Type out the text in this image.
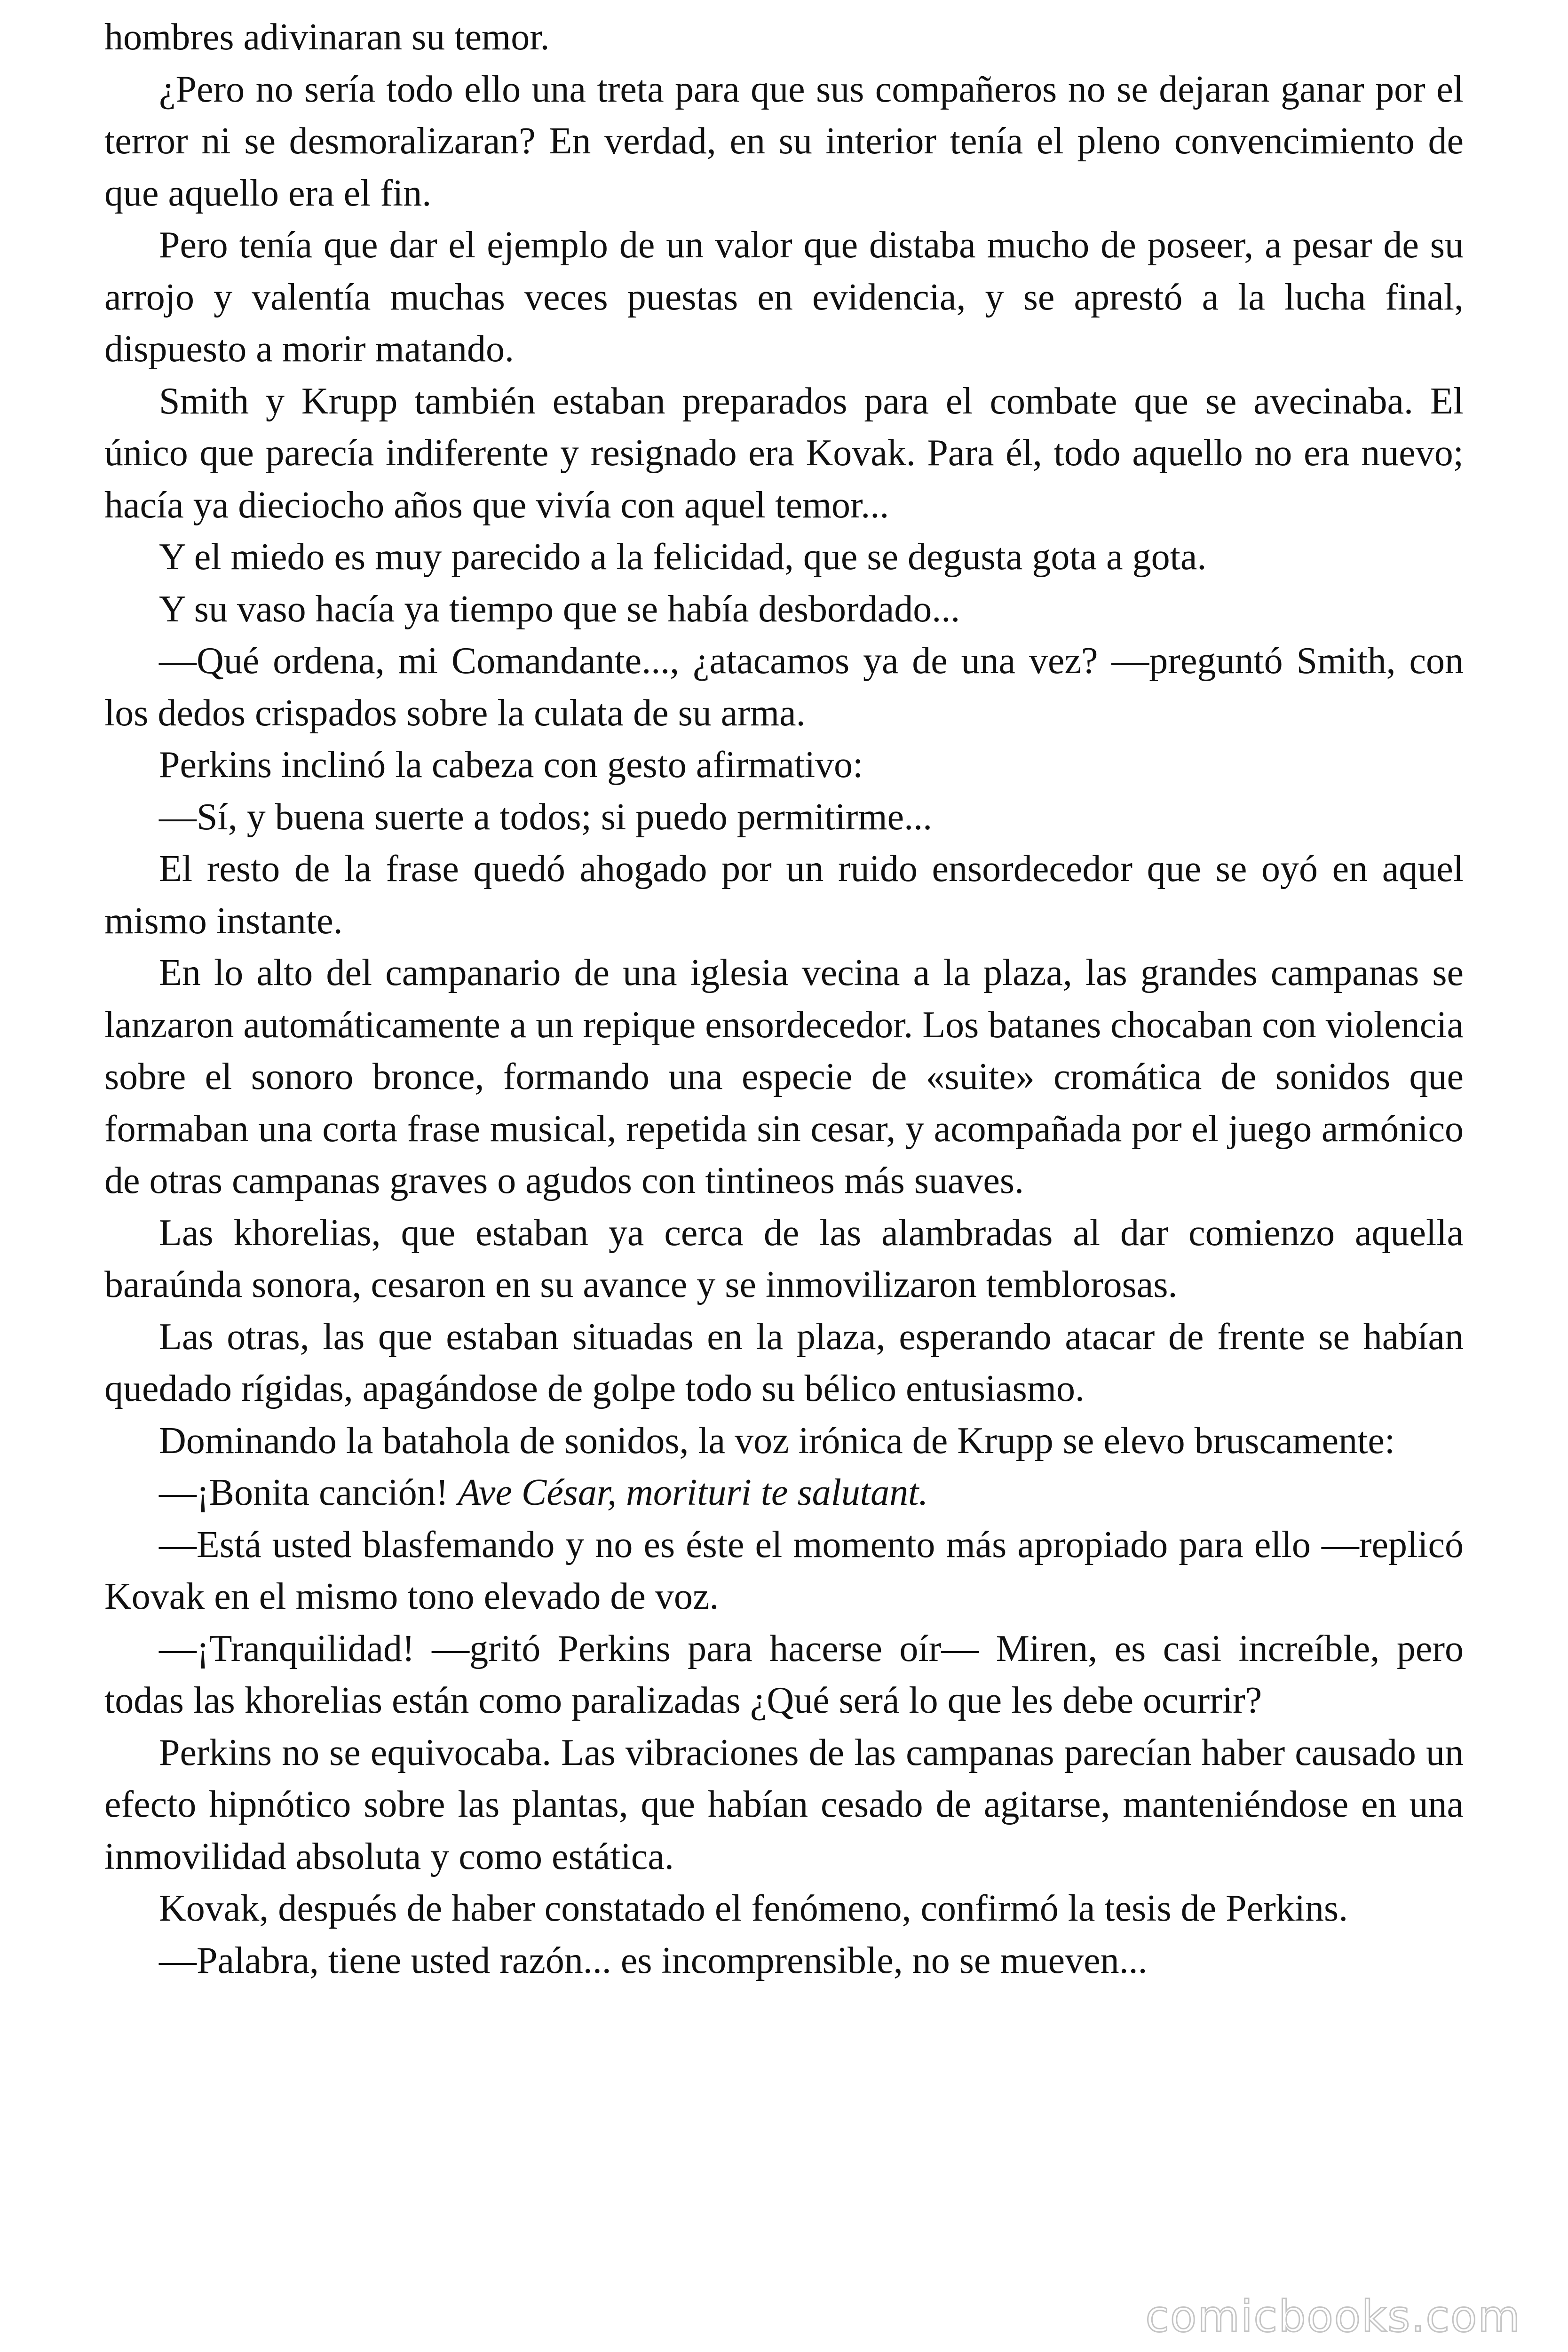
hombres adivinaran su temor.

¿Pero no sería todo ello una treta para que sus compañeros no se dejaran ganar por el terror ni se desmoralizaran? En verdad, en su interior tenía el pleno convencimiento de que aquello era el fin.

Pero tenía que dar el ejemplo de un valor que distaba mucho de poseer, a pesar de su arrojo y valentía muchas veces puestas en evidencia, y se aprestó a la lucha final, dispuesto a morir matando.

Smith y Krupp también estaban preparados para el combate que se avecinaba. El único que parecía indiferente y resignado era Kovak. Para él, todo aquello no era nuevo; hacía ya dieciocho años que vivía con aquel temor...

Y el miedo es muy parecido a la felicidad, que se degusta gota a gota.

Y su vaso hacía ya tiempo que se había desbordado...

—Qué ordena, mi Comandante..., ¿atacamos ya de una vez? —preguntó Smith, con los dedos crispados sobre la culata de su arma.

Perkins inclinó la cabeza con gesto afirmativo:

—Sí, y buena suerte a todos; si puedo permitirme...

El resto de la frase quedó ahogado por un ruido ensordecedor que se oyó en aquel mismo instante.

En lo alto del campanario de una iglesia vecina a la plaza, las grandes campanas se lanzaron automáticamente a un repique ensordecedor. Los batanes chocaban con violencia sobre el sonoro bronce, formando una especie de «suite» cromática de sonidos que formaban una corta frase musical, repetida sin cesar, y acompañada por el juego armónico de otras campanas graves o agudos con tintineos más suaves.

Las khorelias, que estaban ya cerca de las alambradas al dar comienzo aquella baraúnda sonora, cesaron en su avance y se inmovilizaron temblorosas.

Las otras, las que estaban situadas en la plaza, esperando atacar de frente se habían quedado rígidas, apagándose de golpe todo su bélico entusiasmo.

Dominando la batahola de sonidos, la voz irónica de Krupp se elevo bruscamente:

—¡Bonita canción! Ave César, morituri te salutant.

—Está usted blasfemando y no es éste el momento más apropiado para ello —replicó Kovak en el mismo tono elevado de voz.

—¡Tranquilidad! —gritó Perkins para hacerse oír— Miren, es casi increíble, pero todas las khorelias están como paralizadas ¿Qué será lo que les debe ocurrir?

Perkins no se equivocaba. Las vibraciones de las campanas parecían haber causado un efecto hipnótico sobre las plantas, que habían cesado de agitarse, manteniéndose en una inmovilidad absoluta y como estática.

Kovak, después de haber constatado el fenómeno, confirmó la tesis de Perkins.

—Palabra, tiene usted razón... es incomprensible, no se mueven...

comicbooks.com
